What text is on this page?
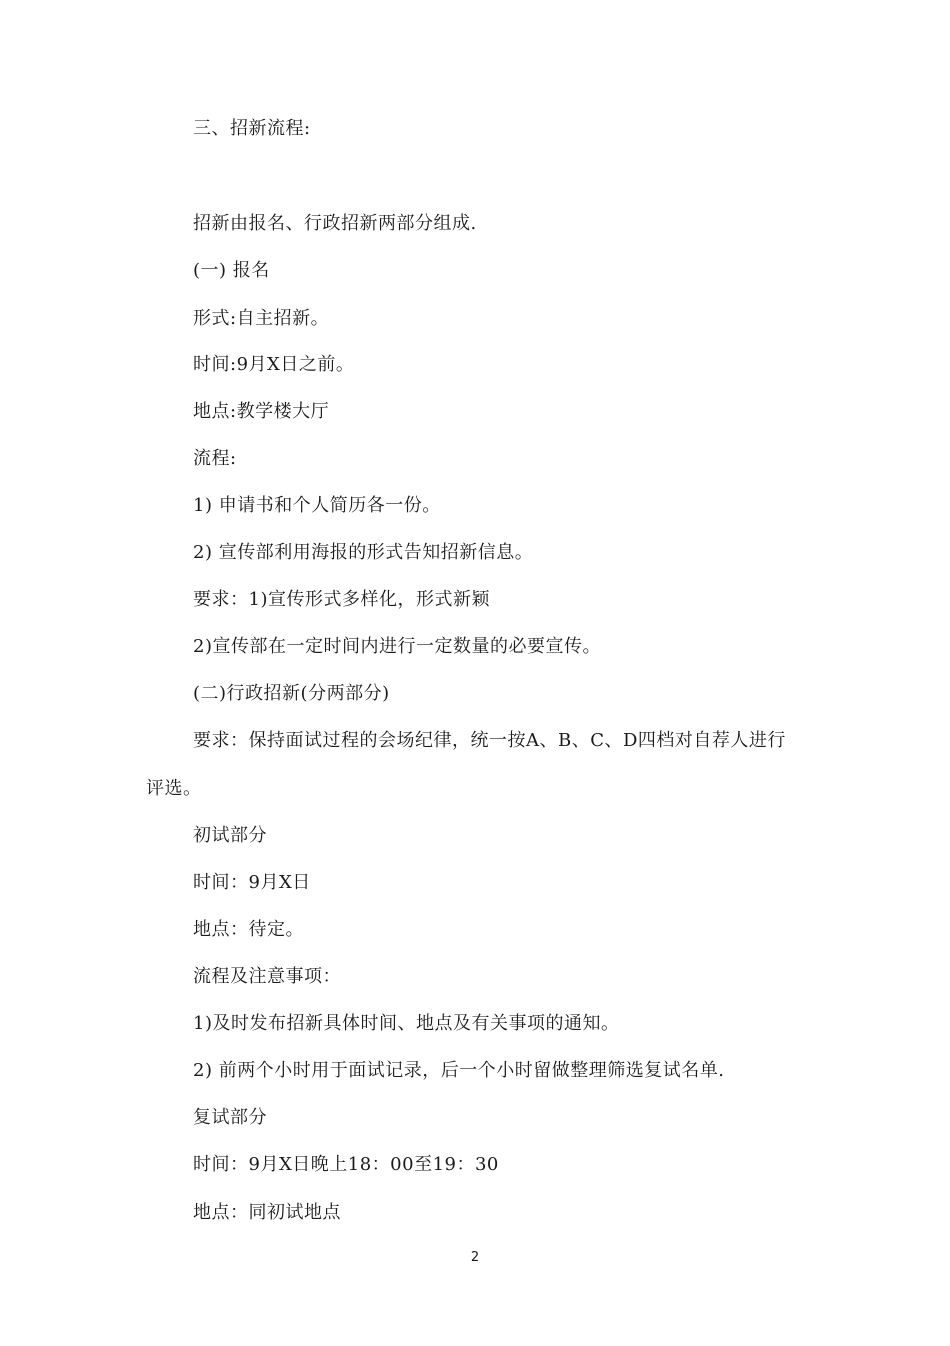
三、招新流程:
招新由报名、行政招新两部分组成.
(一) 报名
形式:自主招新。
时间:9月X日之前。
地点:教学楼大厅
流程:
1) 申请书和个人简历各一份。
2) 宣传部利用海报的形式告知招新信息。
要求：1)宣传形式多样化，形式新颖
2)宣传部在一定时间内进行一定数量的必要宣传。
(二)行政招新(分两部分)
要求：保持面试过程的会场纪律，统一按A、B、C、D四档对自荐人进行
评选。
初试部分
时间：9月X日
地点：待定。
流程及注意事项：
1)及时发布招新具体时间、地点及有关事项的通知。
2) 前两个小时用于面试记录，后一个小时留做整理筛选复试名单.
复试部分
时间：9月X日晚上18：00至19：30
地点：同初试地点
2
